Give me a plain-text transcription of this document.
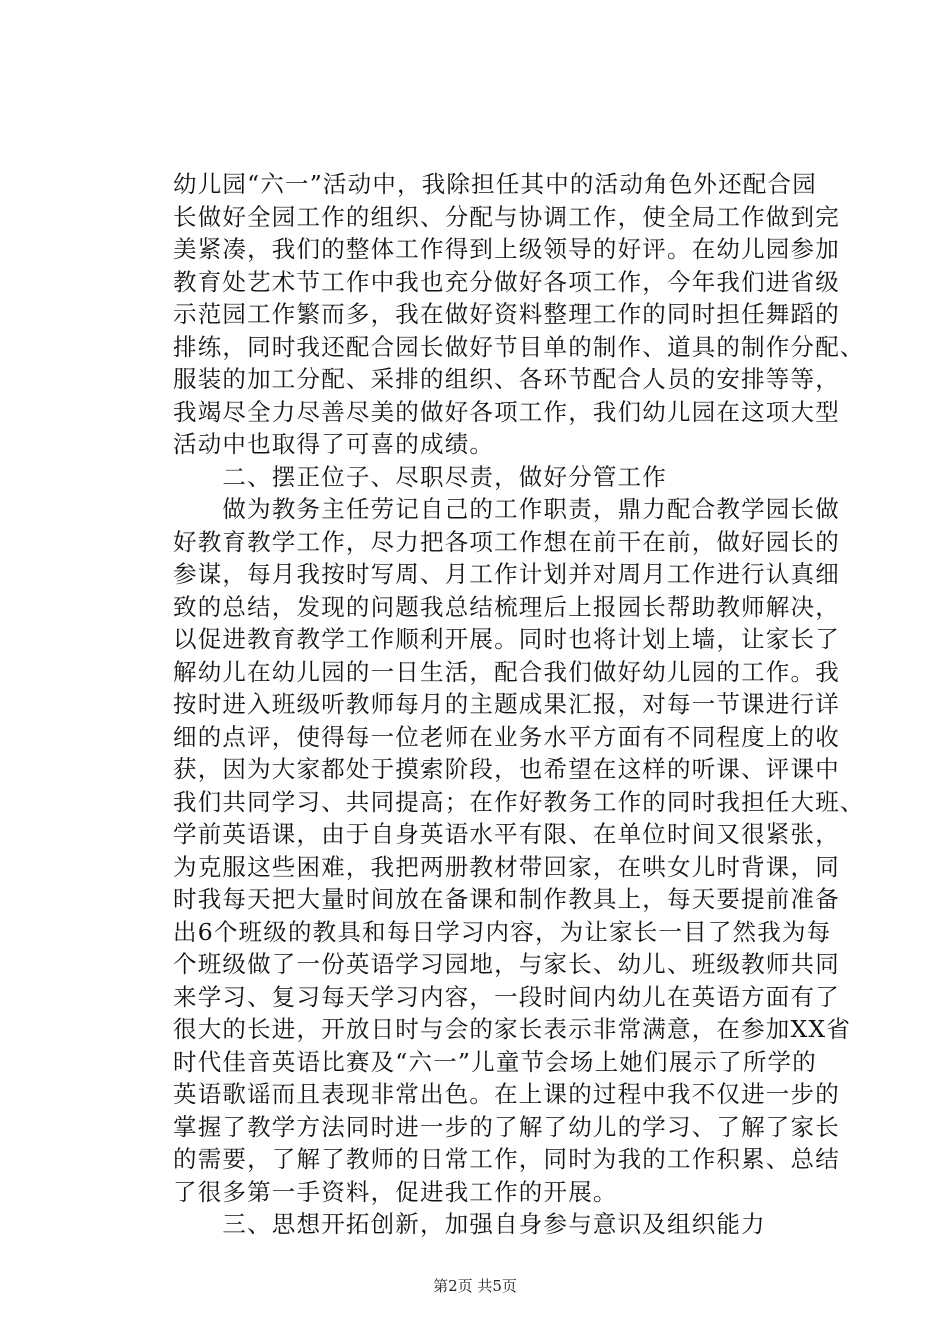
幼儿园“六一”活动中，我除担任其中的活动角色外还配合园
长做好全园工作的组织、分配与协调工作，使全局工作做到完
美紧凑，我们的整体工作得到上级领导的好评。在幼儿园参加
教育处艺术节工作中我也充分做好各项工作，今年我们进省级
示范园工作繁而多，我在做好资料整理工作的同时担任舞蹈的
排练，同时我还配合园长做好节目单的制作、道具的制作分配、
服装的加工分配、采排的组织、各环节配合人员的安排等等，
我竭尽全力尽善尽美的做好各项工作，我们幼儿园在这项大型
活动中也取得了可喜的成绩。
　　二、摆正位子、尽职尽责，做好分管工作
　　做为教务主任劳记自己的工作职责，鼎力配合教学园长做
好教育教学工作，尽力把各项工作想在前干在前，做好园长的
参谋，每月我按时写周、月工作计划并对周月工作进行认真细
致的总结，发现的问题我总结梳理后上报园长帮助教师解决，
以促进教育教学工作顺利开展。同时也将计划上墙，让家长了
解幼儿在幼儿园的一日生活，配合我们做好幼儿园的工作。我
按时进入班级听教师每月的主题成果汇报，对每一节课进行详
细的点评，使得每一位老师在业务水平方面有不同程度上的收
获，因为大家都处于摸索阶段，也希望在这样的听课、评课中
我们共同学习、共同提高；在作好教务工作的同时我担任大班、
学前英语课，由于自身英语水平有限、在单位时间又很紧张，
为克服这些困难，我把两册教材带回家，在哄女儿时背课，同
时我每天把大量时间放在备课和制作教具上，每天要提前准备
出6个班级的教具和每日学习内容，为让家长一目了然我为每
个班级做了一份英语学习园地，与家长、幼儿、班级教师共同
来学习、复习每天学习内容，一段时间内幼儿在英语方面有了
很大的长进，开放日时与会的家长表示非常满意，在参加XX省
时代佳音英语比赛及“六一”儿童节会场上她们展示了所学的
英语歌谣而且表现非常出色。在上课的过程中我不仅进一步的
掌握了教学方法同时进一步的了解了幼儿的学习、了解了家长
的需要，了解了教师的日常工作，同时为我的工作积累、总结
了很多第一手资料，促进我工作的开展。
　　三、思想开拓创新，加强自身参与意识及组织能力
第2页 共5页
